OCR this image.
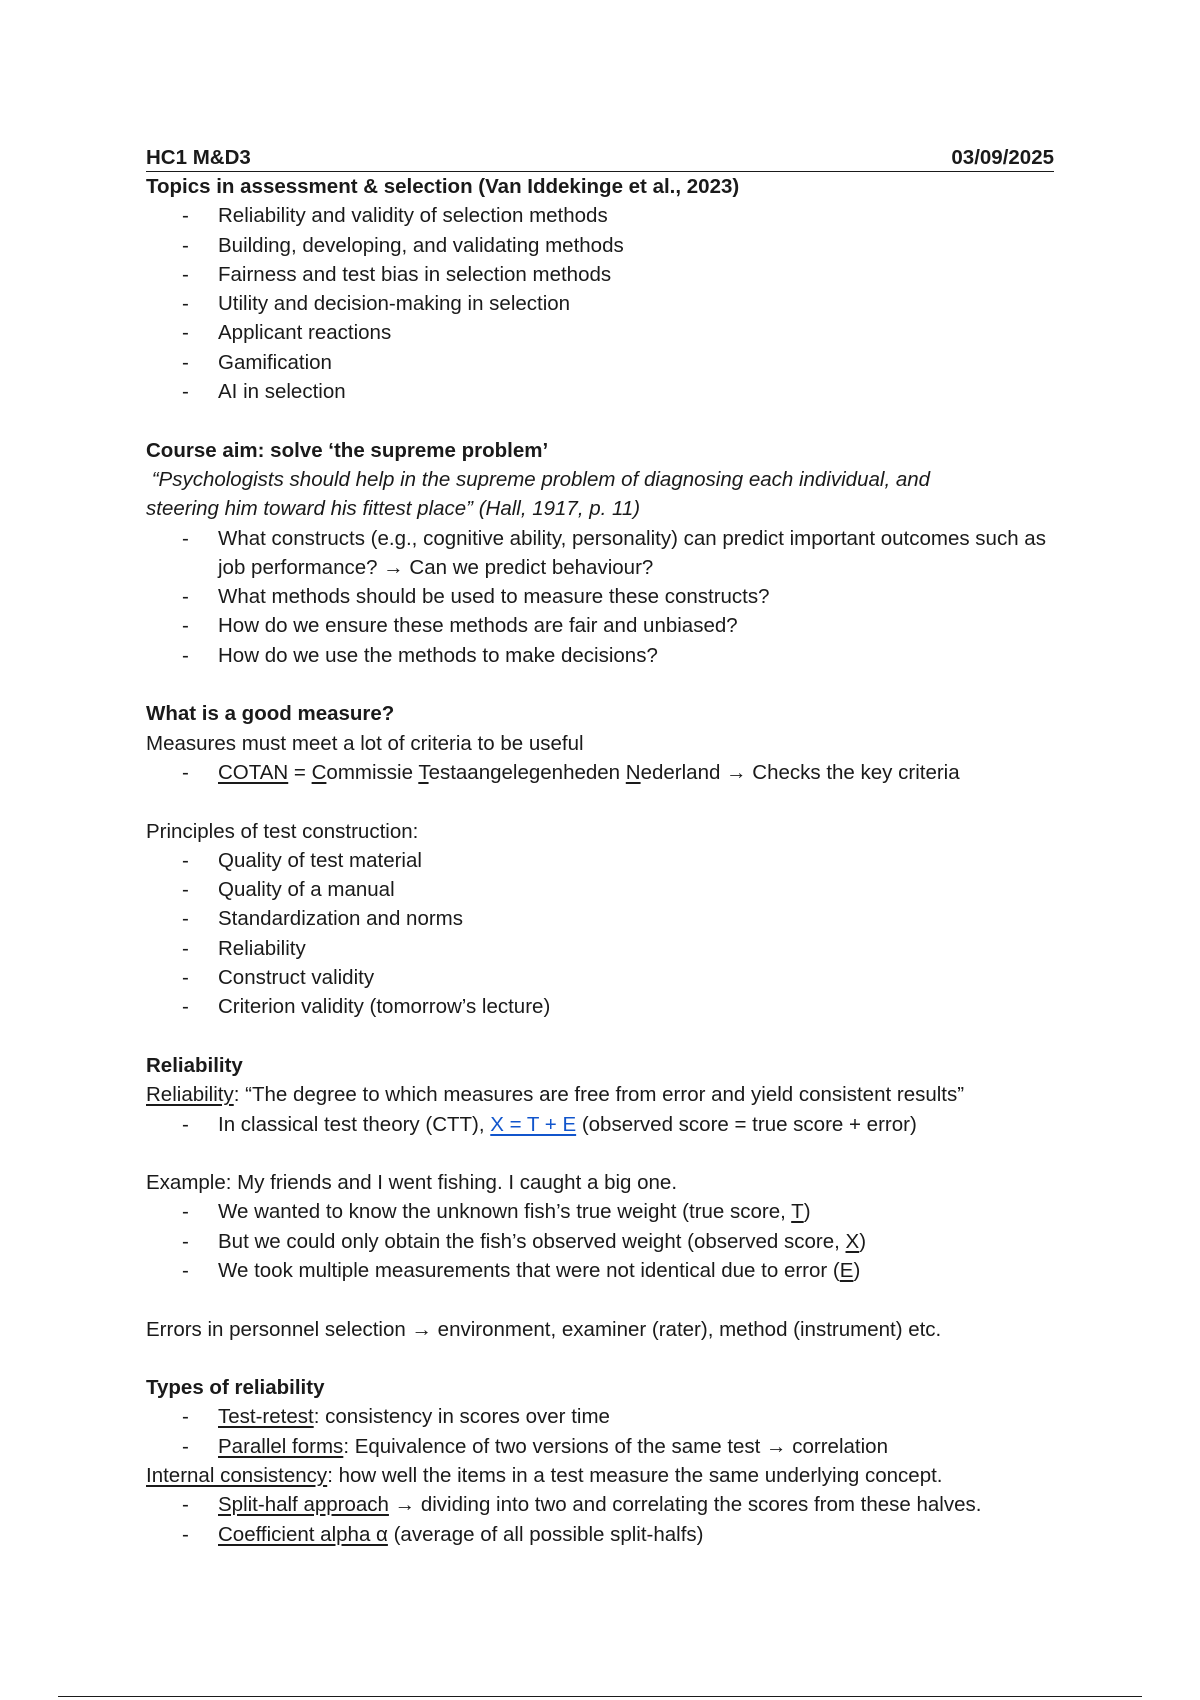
HC1 M&D3	03/09/2025
Topics in assessment & selection (Van Iddekinge et al., 2023)
- Reliability and validity of selection methods
- Building, developing, and validating methods
- Fairness and test bias in selection methods
- Utility and decision-making in selection
- Applicant reactions
- Gamification
- AI in selection
Course aim: solve ‘the supreme problem’
“Psychologists should help in the supreme problem of diagnosing each individual, and
steering him toward his fittest place” (Hall, 1917, p. 11)
- What constructs (e.g., cognitive ability, personality) can predict important outcomes such as job performance? → Can we predict behaviour?
- What methods should be used to measure these constructs?
- How do we ensure these methods are fair and unbiased?
- How do we use the methods to make decisions?
What is a good measure?
Measures must meet a lot of criteria to be useful
- COTAN = Commissie Testaangelegenheden Nederland → Checks the key criteria
Principles of test construction:
- Quality of test material
- Quality of a manual
- Standardization and norms
- Reliability
- Construct validity
- Criterion validity (tomorrow’s lecture)
Reliability
Reliability: “The degree to which measures are free from error and yield consistent results”
- In classical test theory (CTT), X = T + E (observed score = true score + error)
Example: My friends and I went fishing. I caught a big one.
- We wanted to know the unknown fish’s true weight (true score, T)
- But we could only obtain the fish’s observed weight (observed score, X)
- We took multiple measurements that were not identical due to error (E)
Errors in personnel selection → environment, examiner (rater), method (instrument) etc.
Types of reliability
- Test-retest: consistency in scores over time
- Parallel forms: Equivalence of two versions of the same test → correlation
Internal consistency: how well the items in a test measure the same underlying concept.
- Split-half approach → dividing into two and correlating the scores from these halves.
- Coefficient alpha α (average of all possible split-halfs)
